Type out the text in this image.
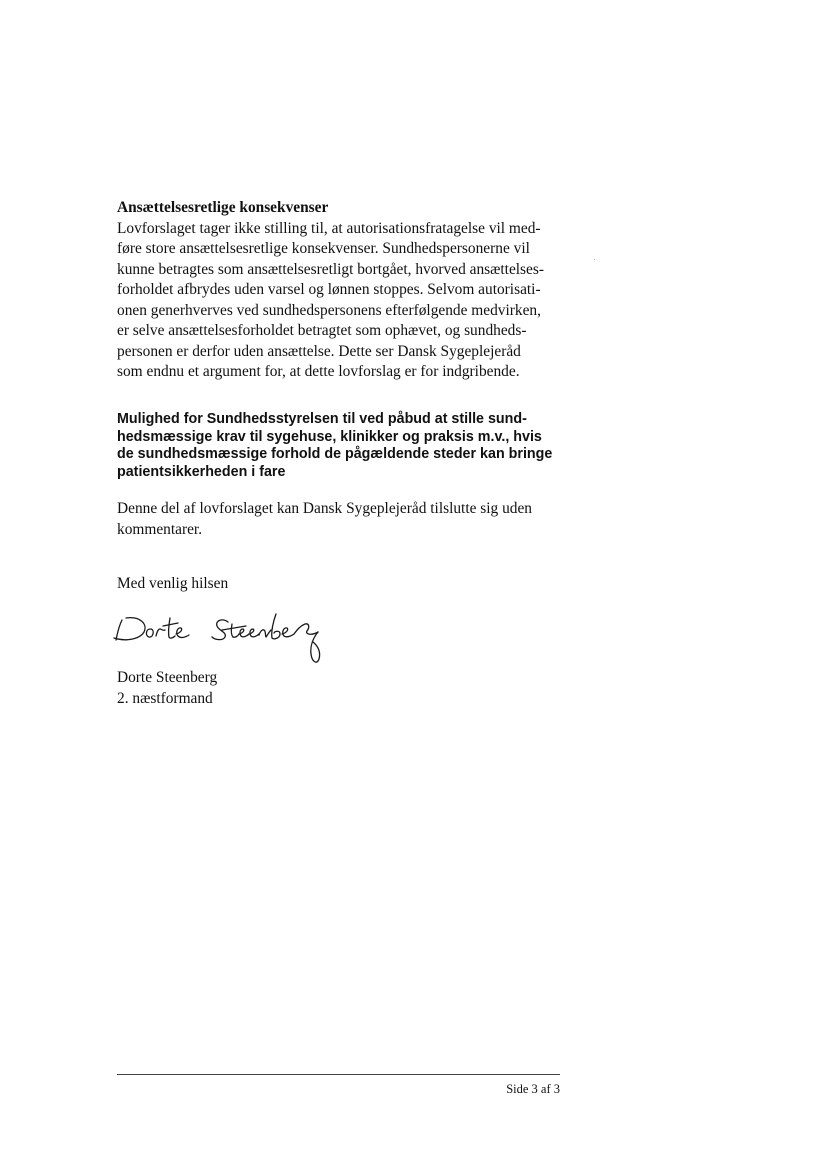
Ansættelsesretlige konsekvenser
Lovforslaget tager ikke stilling til, at autorisationsfratagelse vil med-
føre store ansættelsesretlige konsekvenser. Sundhedspersonerne vil
kunne betragtes som ansættelsesretligt bortgået, hvorved ansættelses-
forholdet afbrydes uden varsel og lønnen stoppes. Selvom autorisati-
onen generhverves ved sundhedspersonens efterfølgende medvirken,
er selve ansættelsesforholdet betragtet som ophævet, og sundheds-
personen er derfor uden ansættelse. Dette ser Dansk Sygeplejeråd
som endnu et argument for, at dette lovforslag er for indgribende.
Mulighed for Sundhedsstyrelsen til ved påbud at stille sund-
hedsmæssige krav til sygehuse, klinikker og praksis m.v., hvis
de sundhedsmæssige forhold de pågældende steder kan bringe
patientsikkerheden i fare
Denne del af lovforslaget kan Dansk Sygeplejeråd tilslutte sig uden
kommentarer.
Med venlig hilsen
Dorte Steenberg
2. næstformand
Side 3 af 3
